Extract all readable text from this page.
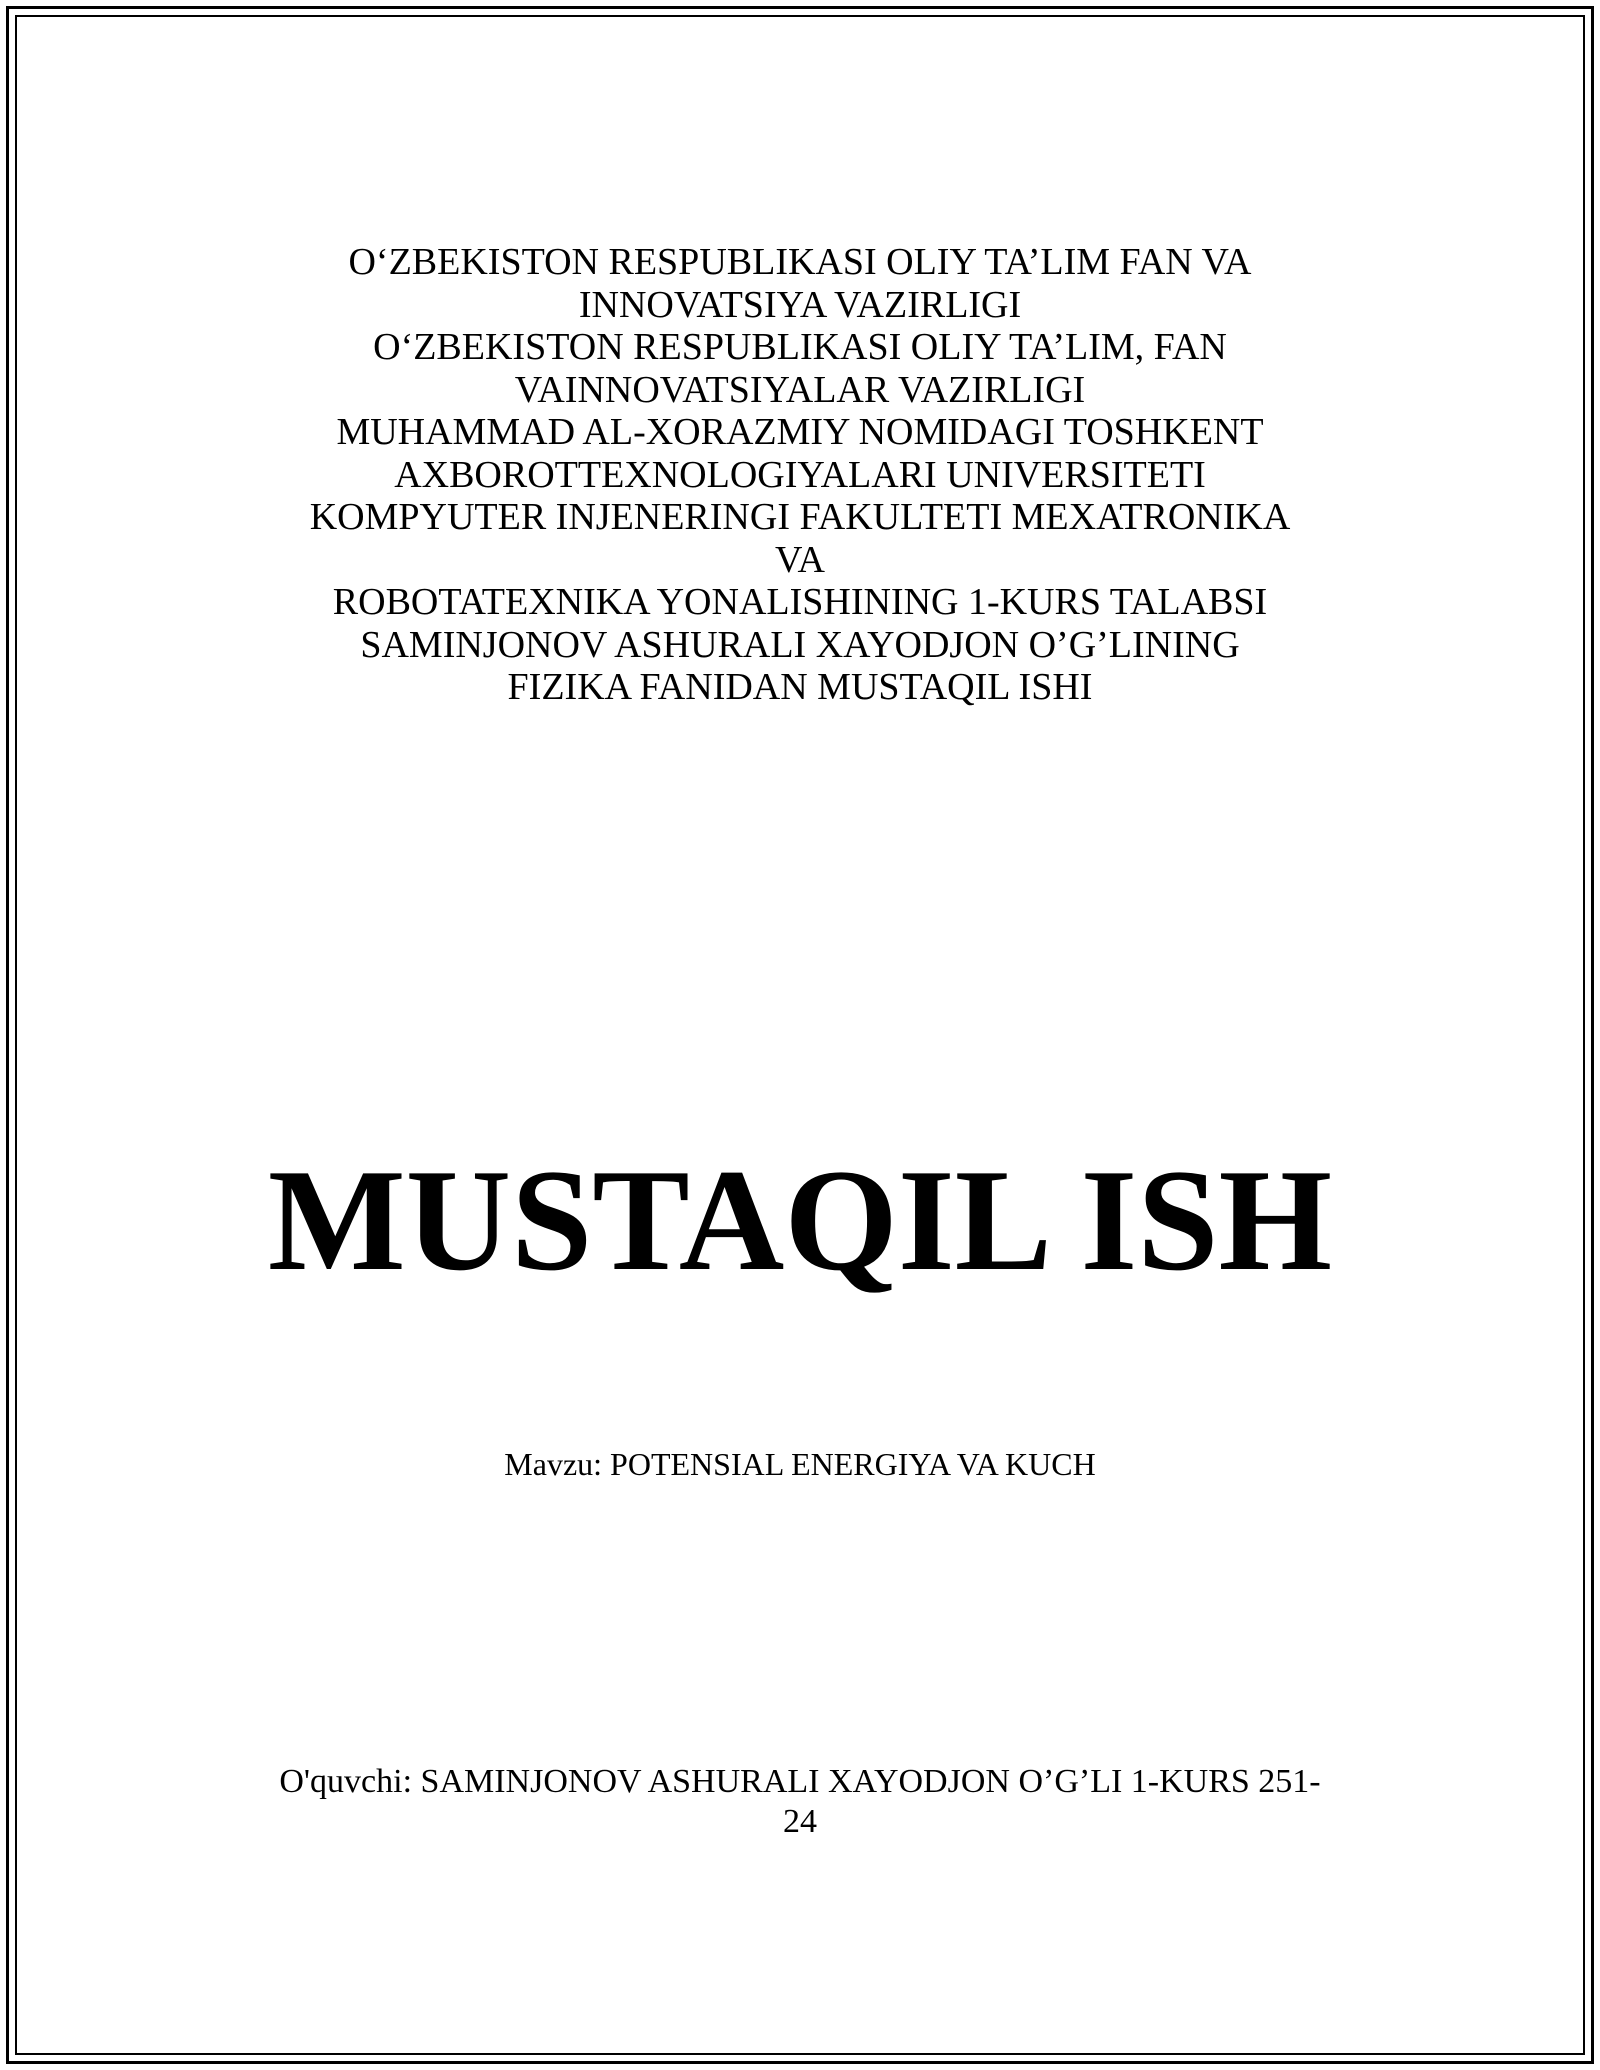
O‘ZBEKISTON RESPUBLIKASI OLIY TA’LIM FAN VA
INNOVATSIYA VAZIRLIGI
O‘ZBEKISTON RESPUBLIKASI OLIY TA’LIM, FAN
VAINNOVATSIYALAR VAZIRLIGI
MUHAMMAD AL-XORAZMIY NOMIDAGI TOSHKENT
AXBOROTTEXNOLOGIYALARI UNIVERSITETI
KOMPYUTER INJENERINGI FAKULTETI MEXATRONIKA
VA
ROBOTATEXNIKA YONALISHINING 1-KURS TALABSI
SAMINJONOV ASHURALI XAYODJON O’G’LINING
FIZIKA FANIDAN MUSTAQIL ISHI
MUSTAQIL ISH
Mavzu: POTENSIAL ENERGIYA VA KUCH
O'quvchi: SAMINJONOV ASHURALI XAYODJON O’G’LI 1-KURS 251-
24
